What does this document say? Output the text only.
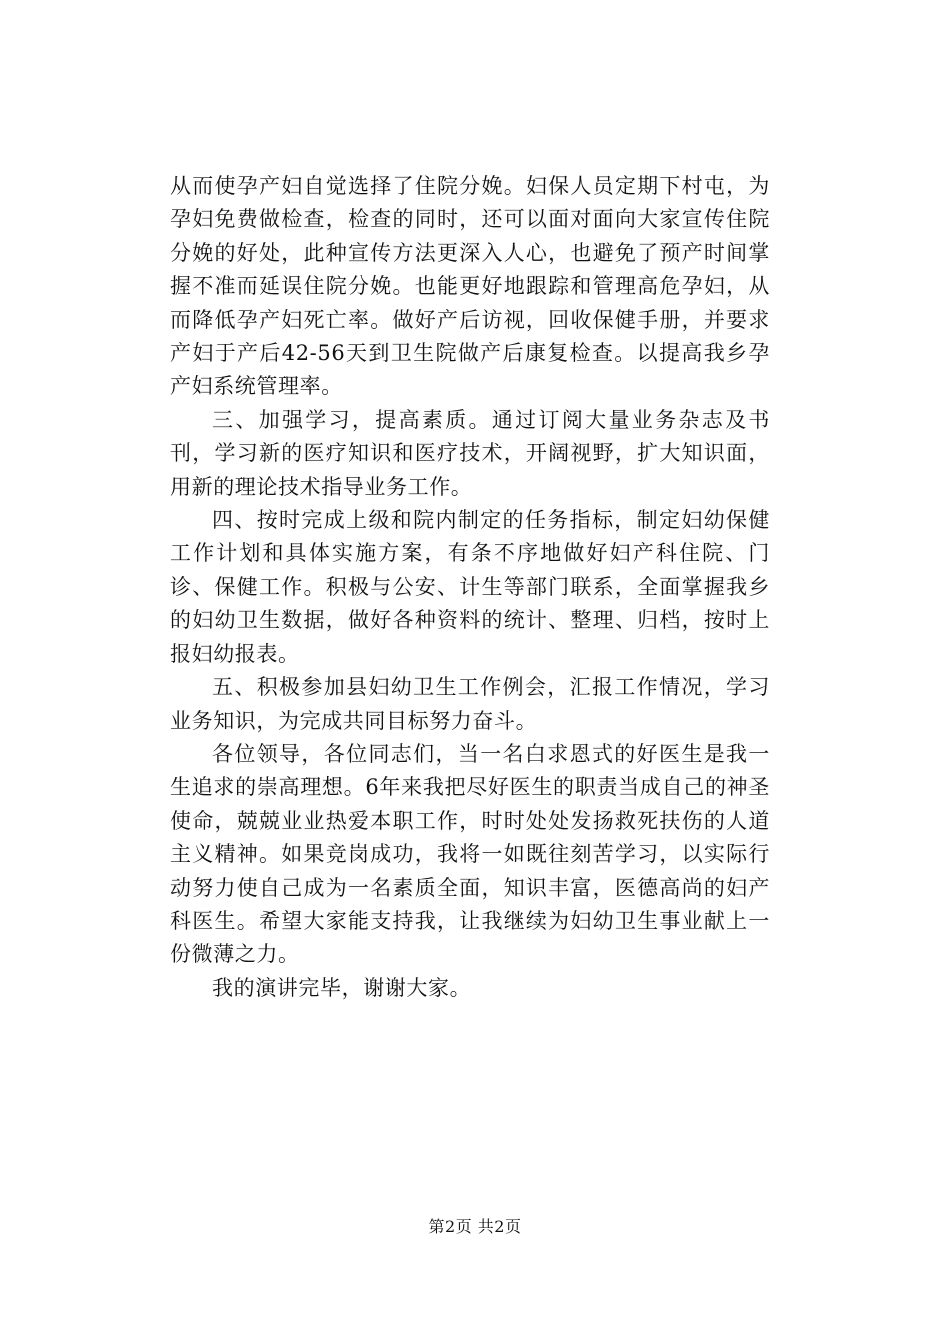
从而使孕产妇自觉选择了住院分娩。妇保人员定期下村屯，为孕妇免费做检查，检查的同时，还可以面对面向大家宣传住院分娩的好处，此种宣传方法更深入人心，也避免了预产时间掌握不准而延误住院分娩。也能更好地跟踪和管理高危孕妇，从而降低孕产妇死亡率。做好产后访视，回收保健手册，并要求产妇于产后42-56天到卫生院做产后康复检查。以提高我乡孕产妇系统管理率。

三、加强学习，提高素质。通过订阅大量业务杂志及书刊，学习新的医疗知识和医疗技术，开阔视野，扩大知识面，用新的理论技术指导业务工作。

四、按时完成上级和院内制定的任务指标，制定妇幼保健工作计划和具体实施方案，有条不序地做好妇产科住院、门诊、保健工作。积极与公安、计生等部门联系，全面掌握我乡的妇幼卫生数据，做好各种资料的统计、整理、归档，按时上报妇幼报表。

五、积极参加县妇幼卫生工作例会，汇报工作情况，学习业务知识，为完成共同目标努力奋斗。

各位领导，各位同志们，当一名白求恩式的好医生是我一生追求的崇高理想。6年来我把尽好医生的职责当成自己的神圣使命，兢兢业业热爱本职工作，时时处处发扬救死扶伤的人道主义精神。如果竞岗成功，我将一如既往刻苦学习，以实际行动努力使自己成为一名素质全面，知识丰富，医德高尚的妇产科医生。希望大家能支持我，让我继续为妇幼卫生事业献上一份微薄之力。

我的演讲完毕，谢谢大家。

第2页 共2页
